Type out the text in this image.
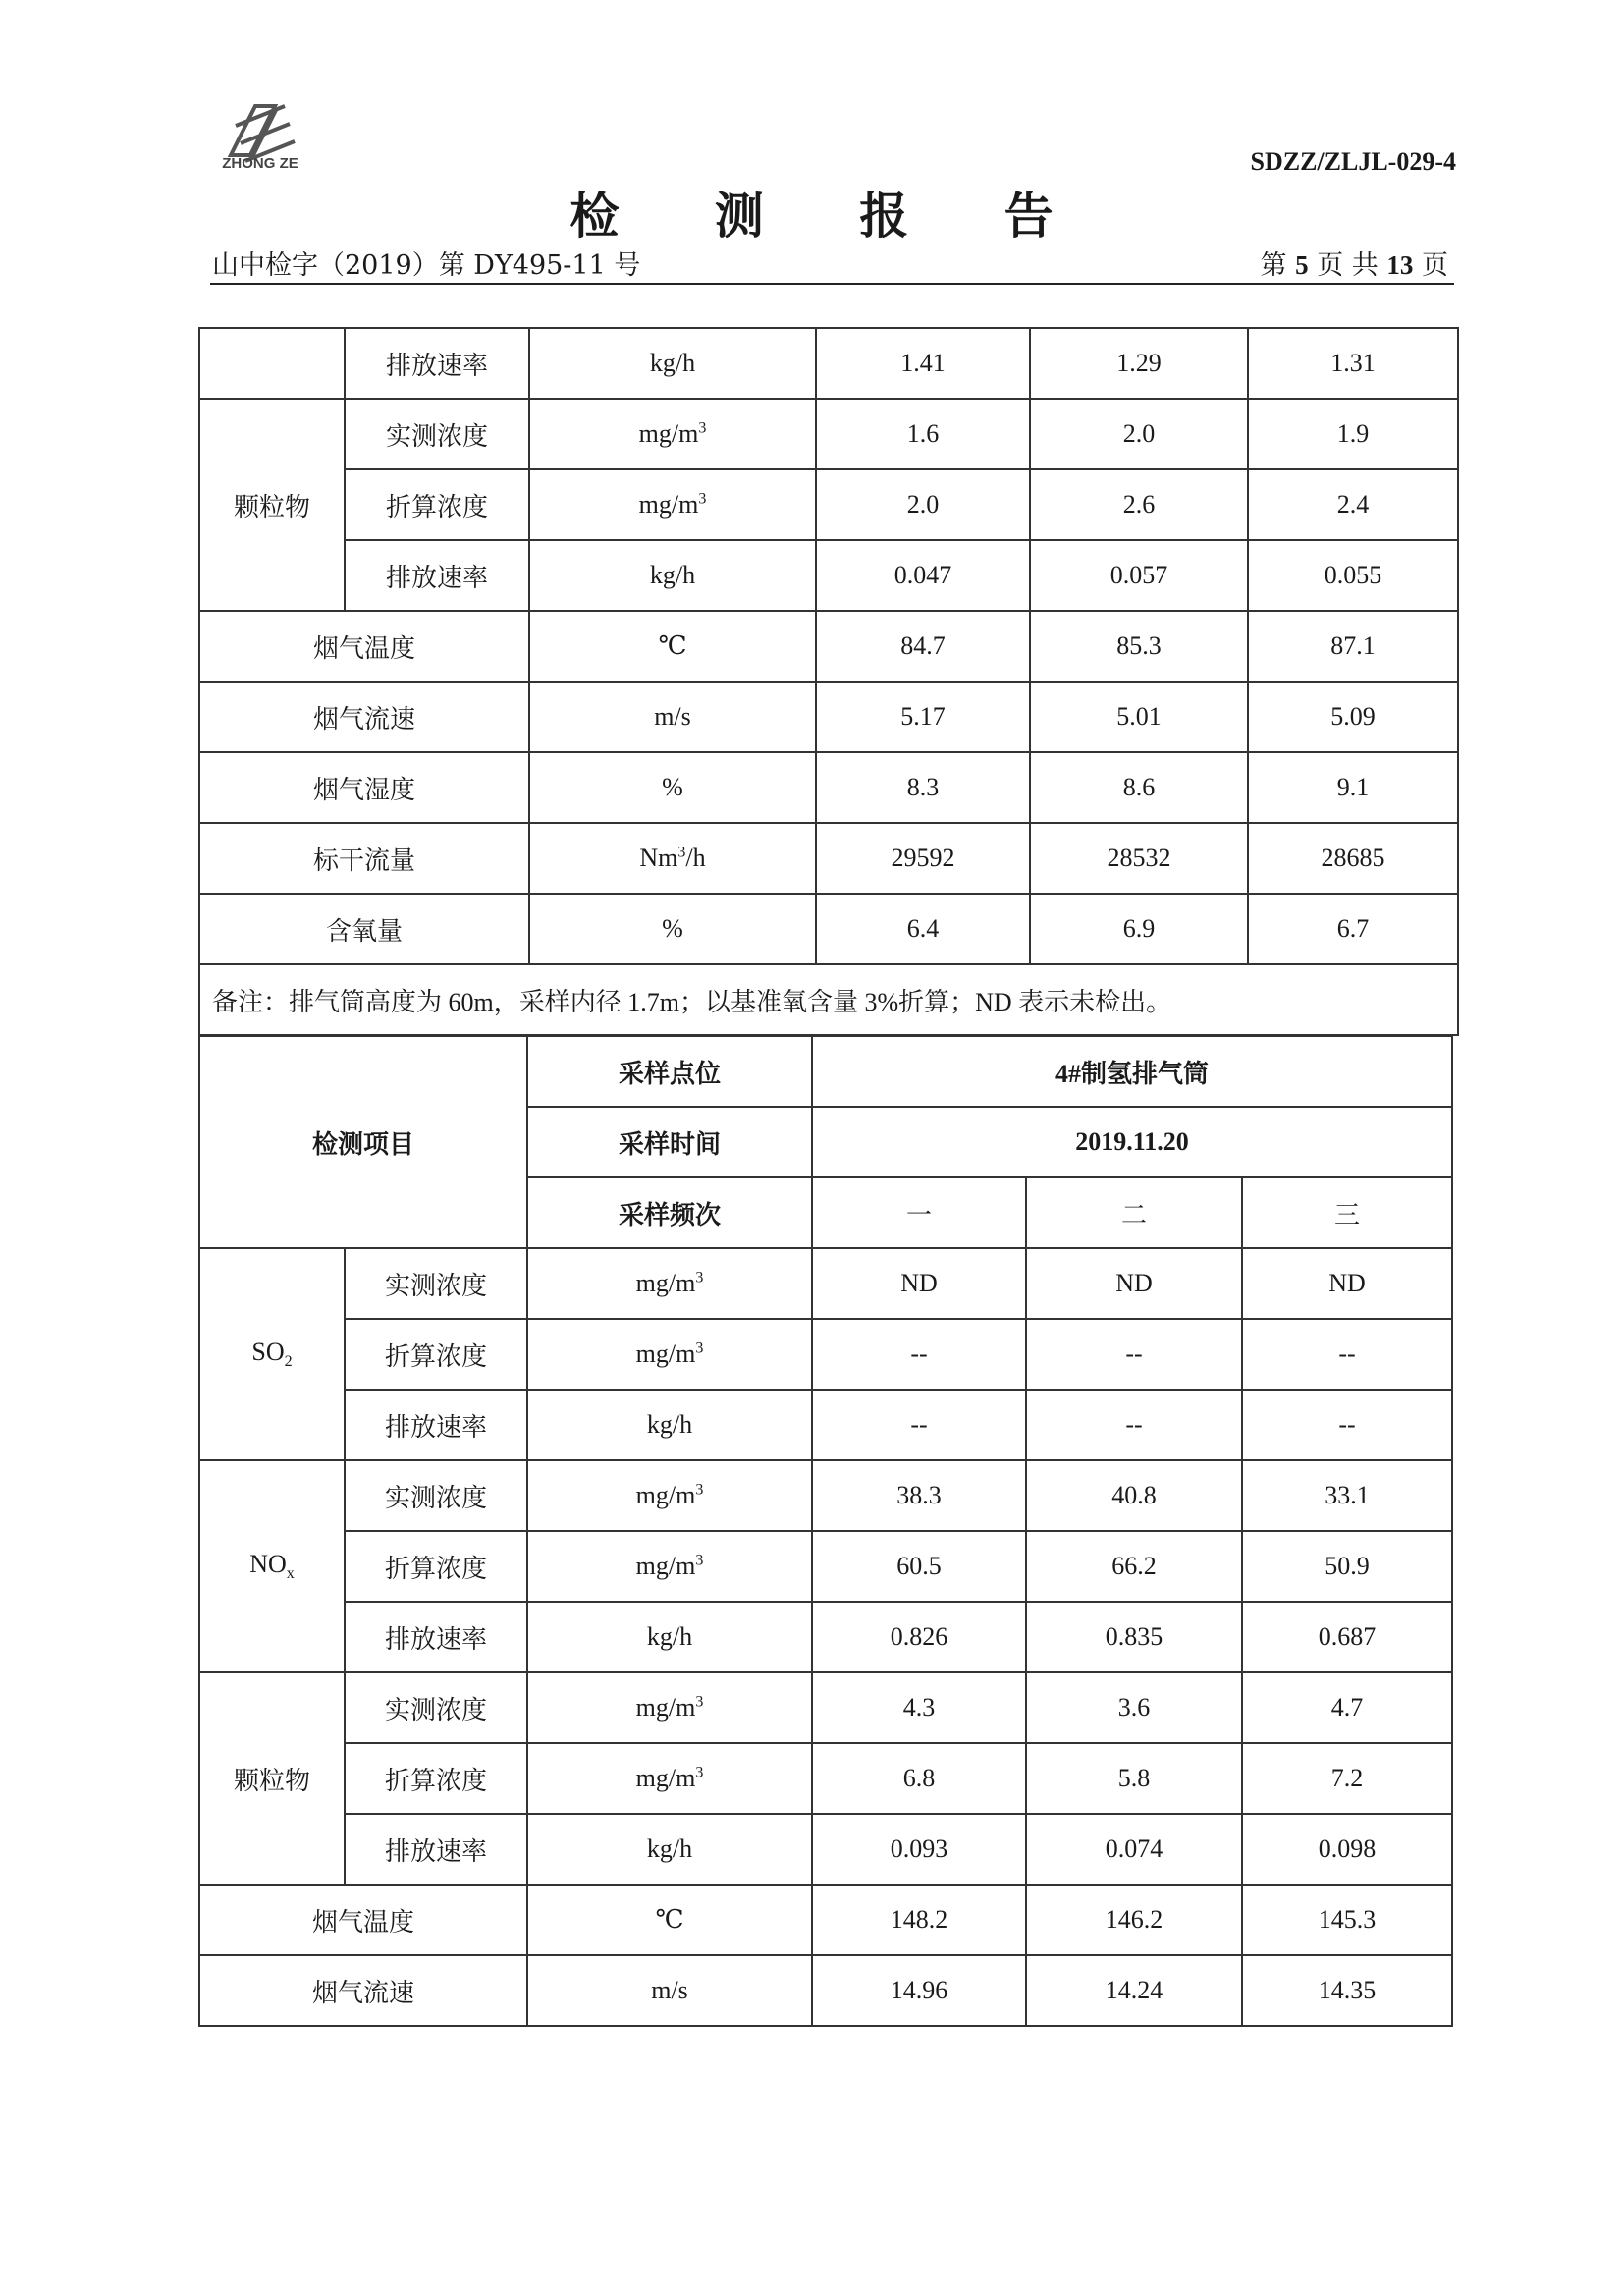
ZHONG ZE	SDZZ/ZLJL-029-4
检 测 报 告
山中检字（2019）第 DY495-11 号	第 5 页 共 13 页
	排放速率	kg/h	1.41	1.29	1.31
颗粒物	实测浓度	$mg/m^3$	1.6	2.0	1.9
	折算浓度	$mg/m^3$	2.0	2.6	2.4
	排放速率	kg/h	0.047	0.057	0.055
烟气温度		℃	84.7	85.3	87.1
烟气流速		m/s	5.17	5.01	5.09
烟气湿度		%	8.3	8.6	9.1
标干流量		Nm$^3$/h	29592	28532	28685
含氧量		%	6.4	6.9	6.7
备注：排气筒高度为 60m，采样内径 1.7m；以基准氧含量 3%折算；ND 表示未检出。					
检测项目		采样点位	4#制氢排气筒		
		采样时间	2019.11.20		
		采样频次	一	二	三
$SO_2$	实测浓度	$mg/m^3$	ND	ND	ND
	折算浓度	$mg/m^3$	--	--	--
	排放速率	kg/h	--	--	--
$NO_x$	实测浓度	$mg/m^3$	38.3	40.8	33.1
	折算浓度	$mg/m^3$	60.5	66.2	50.9
	排放速率	kg/h	0.826	0.835	0.687
颗粒物	实测浓度	$mg/m^3$	4.3	3.6	4.7
	折算浓度	$mg/m^3$	6.8	5.8	7.2
	排放速率	kg/h	0.093	0.074	0.098
烟气温度		℃	148.2	146.2	145.3
烟气流速		m/s	14.96	14.24	14.35
